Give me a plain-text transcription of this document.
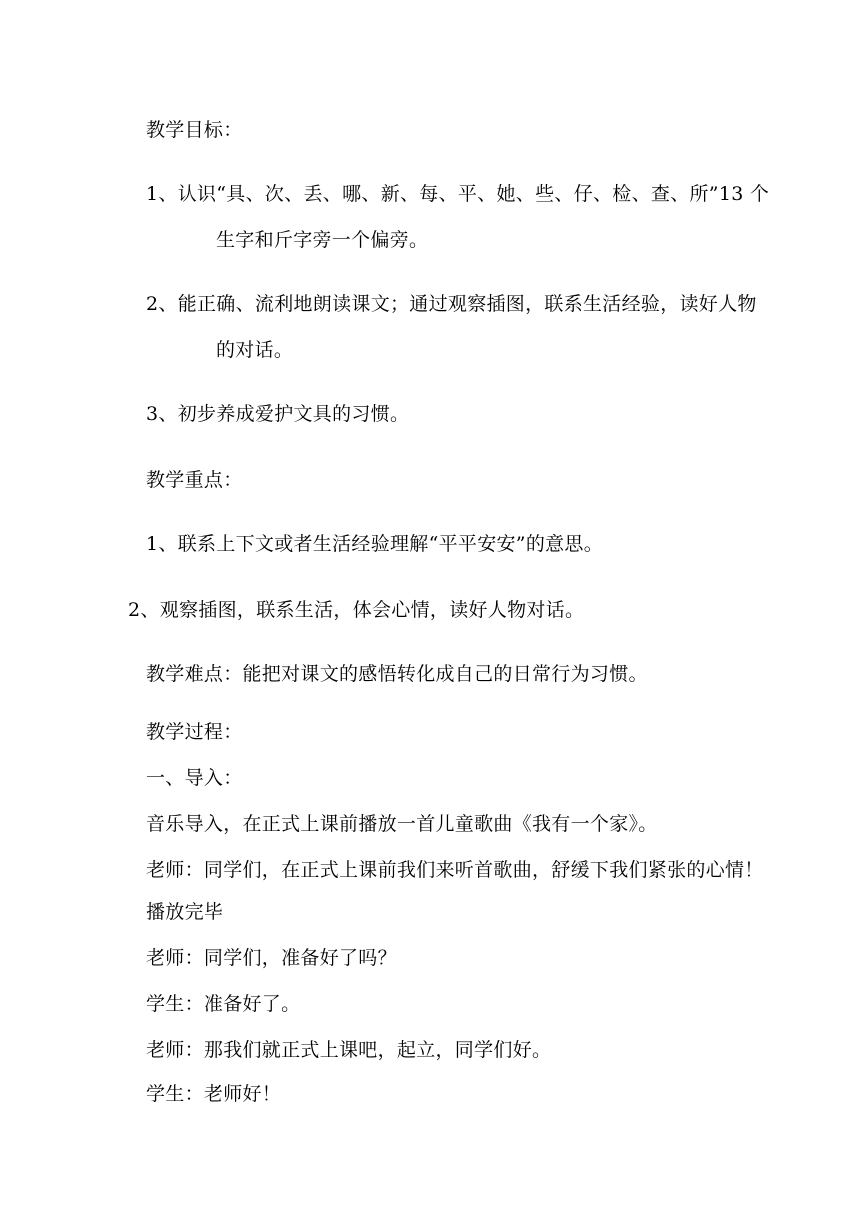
教学目标：
1、认识“具、次、丢、哪、新、每、平、她、些、仔、检、查、所”13 个
生字和斤字旁一个偏旁。
2、能正确、流利地朗读课文；通过观察插图，联系生活经验，读好人物
的对话。
3、初步养成爱护文具的习惯。
教学重点：
1、联系上下文或者生活经验理解“平平安安”的意思。
2、观察插图，联系生活，体会心情，读好人物对话。
教学难点：能把对课文的感悟转化成自己的日常行为习惯。
教学过程：
一、导入：
音乐导入，在正式上课前播放一首儿童歌曲《我有一个家》。
老师：同学们，在正式上课前我们来听首歌曲，舒缓下我们紧张的心情！
播放完毕
老师：同学们，准备好了吗？
学生：准备好了。
老师：那我们就正式上课吧，起立，同学们好。
学生：老师好！
